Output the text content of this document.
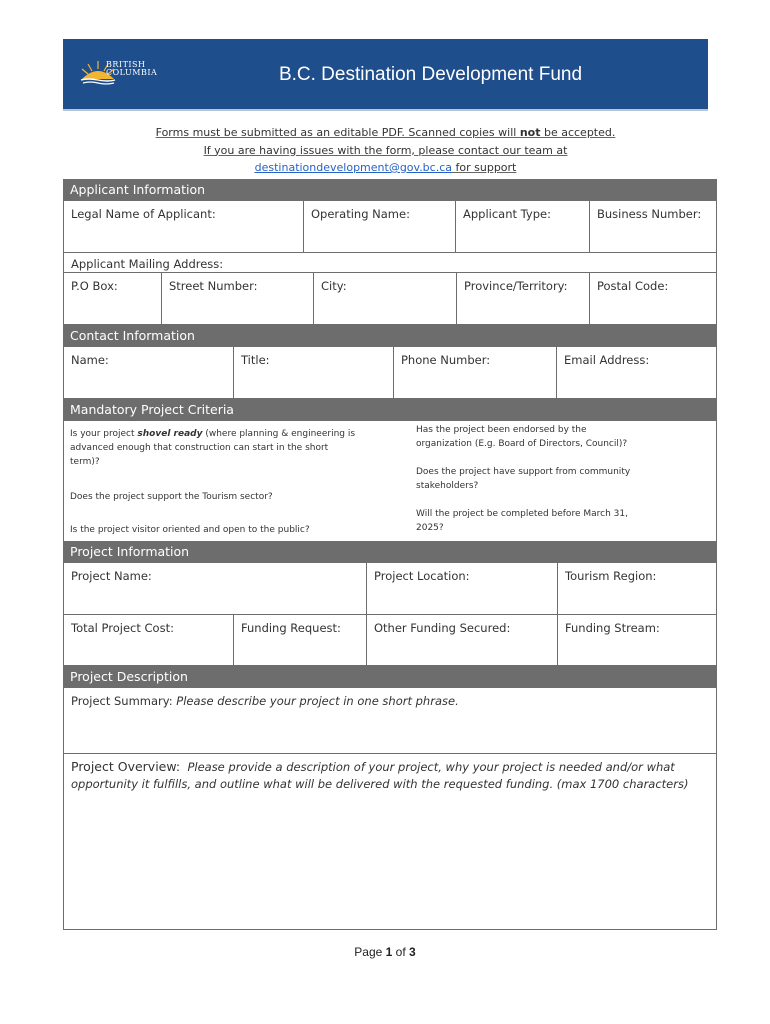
BRITISH
COLUMBIA	B.C. Destination Development Fund
Forms must be submitted as an editable PDF. Scanned copies will not be accepted.
If you are having issues with the form, please contact our team at
destinationdevelopment@gov.bc.ca for support
Applicant Information
Legal Name of Applicant:	Operating Name:	Applicant Type:	Business Number:
Applicant Mailing Address:
P.O Box:	Street Number:	City:	Province/Territory:	Postal Code:
Contact Information
Name:	Title:	Phone Number:	Email Address:
Mandatory Project Criteria
Is your project shovel ready (where planning & engineering is
advanced enough that construction can start in the short
term)?
Does the project support the Tourism sector?
Is the project visitor oriented and open to the public?
Has the project been endorsed by the
organization (E.g. Board of Directors, Council)?
Does the project have support from community
stakeholders?
Will the project be completed before March 31,
2025?
Project Information
Project Name:	Project Location:	Tourism Region:
Total Project Cost:	Funding Request:	Other Funding Secured:	Funding Stream:
Project Description
Project Summary: Please describe your project in one short phrase.
Project Overview: Please provide a description of your project, why your project is needed and/or what
opportunity it fulfills, and outline what will be delivered with the requested funding. (max 1700 characters)
Page 1 of 3
